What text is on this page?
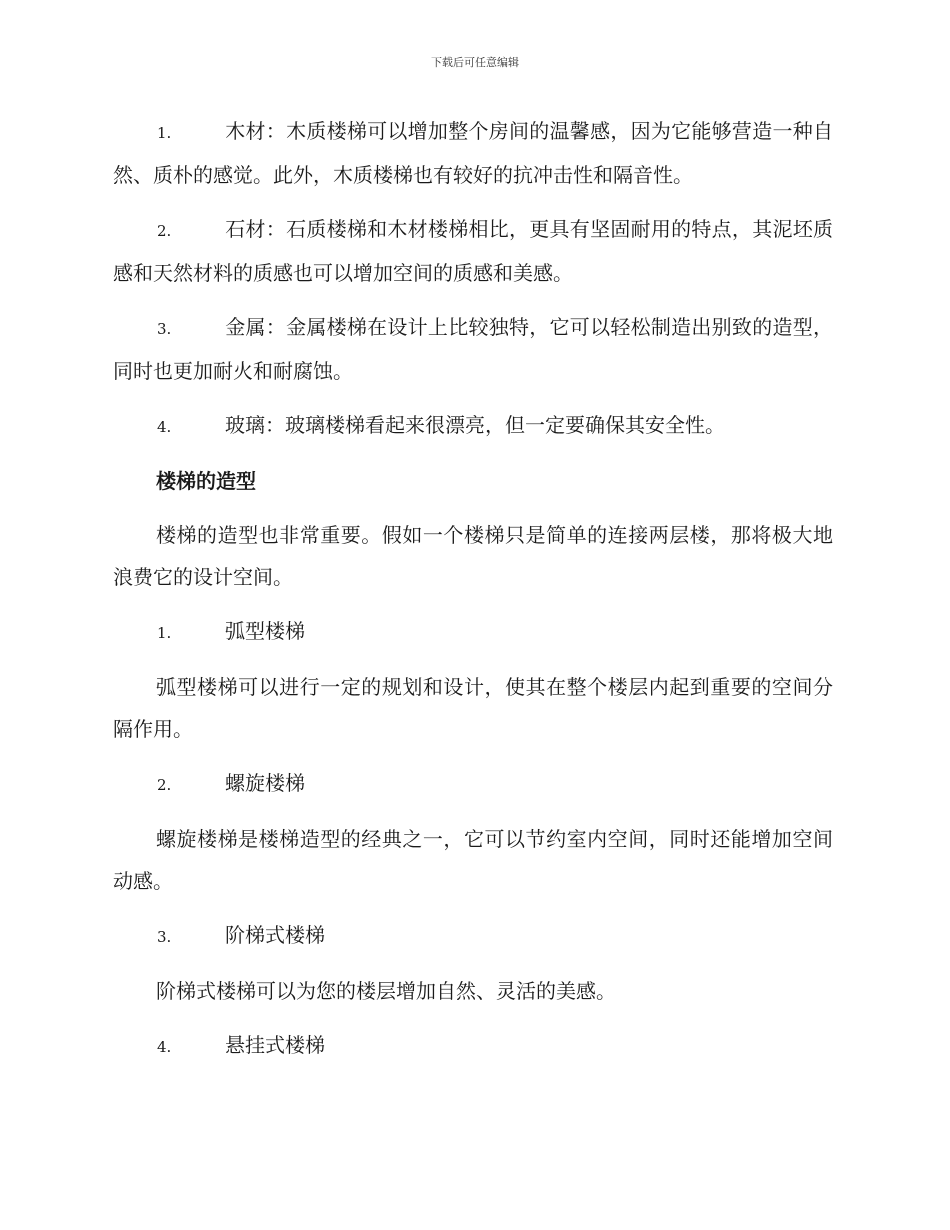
下载后可任意编辑
1.	木材：木质楼梯可以增加整个房间的温馨感，因为它能够营造一种自然、质朴的感觉。此外，木质楼梯也有较好的抗冲击性和隔音性。
2.	石材：石质楼梯和木材楼梯相比，更具有坚固耐用的特点，其泥坯质感和天然材料的质感也可以增加空间的质感和美感。
3.	金属：金属楼梯在设计上比较独特，它可以轻松制造出别致的造型，同时也更加耐火和耐腐蚀。
4.	玻璃：玻璃楼梯看起来很漂亮，但一定要确保其安全性。
楼梯的造型
楼梯的造型也非常重要。假如一个楼梯只是简单的连接两层楼，那将极大地浪费它的设计空间。
1.	弧型楼梯
弧型楼梯可以进行一定的规划和设计，使其在整个楼层内起到重要的空间分隔作用。
2.	螺旋楼梯
螺旋楼梯是楼梯造型的经典之一，它可以节约室内空间，同时还能增加空间动感。
3.	阶梯式楼梯
阶梯式楼梯可以为您的楼层增加自然、灵活的美感。
4.	悬挂式楼梯
